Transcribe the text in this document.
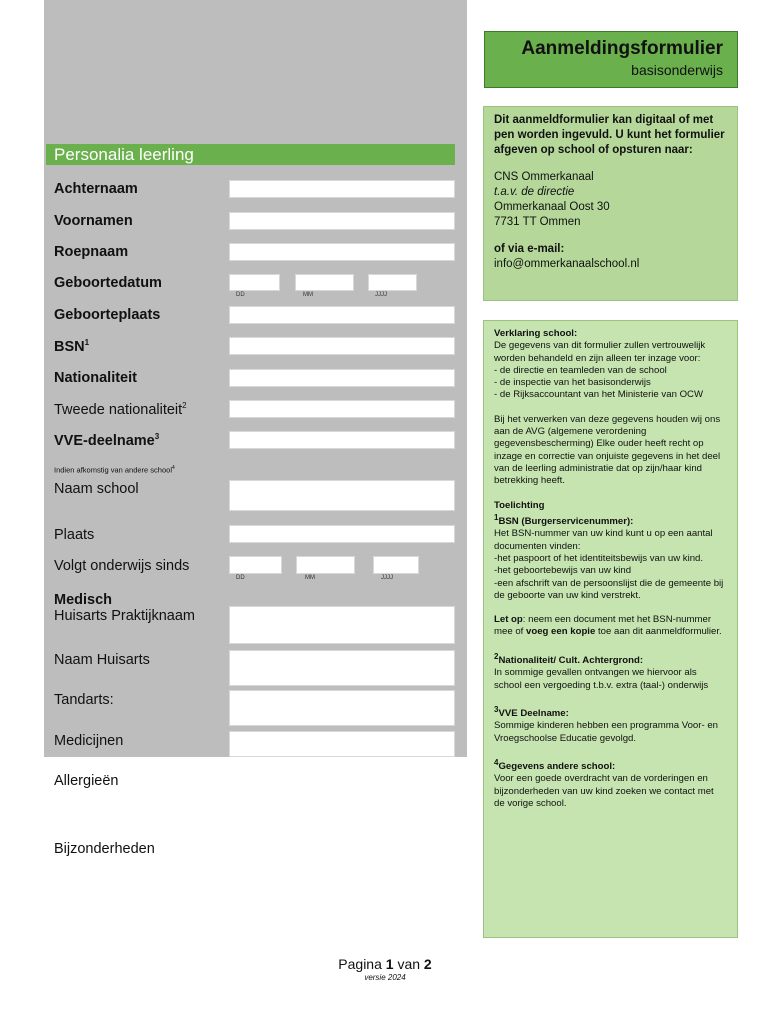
Aanmeldingsformulier
basisonderwijs
Personalia leerling
Achternaam
Voornamen
Roepnaam
Geboortedatum
Geboorteplaats
BSN$^1$
Nationaliteit
Tweede nationaliteit$^2$
VVE-deelname$^3$
Indien afkomstig van andere school$^4$
Naam school
Plaats
Volgt onderwijs sinds
Medisch
Huisarts Praktijknaam
Naam Huisarts
Tandarts:
Medicijnen
Allergieën
Bijzonderheden
DD	MM	JJJJ
DD	MM	JJJJ

Dit aanmeldformulier kan digitaal of met pen worden ingevuld. U kunt het formulier afgeven op school of opsturen naar:

CNS Ommerkanaal

t.a.v. de directie

Ommerkanaal Oost 30

7731 TT Ommen

of via e-mail:

info@ommerkanaalschool.nl

Verklaring school:

De gegevens van dit formulier zullen vertrouwelijk worden behandeld en zijn alleen ter inzage voor:

- de directie en teamleden van de school

- de inspectie van het basisonderwijs

- de Rijksaccountant van het Ministerie van OCW

Bij het verwerken van deze gegevens houden wij ons aan de AVG (algemene verordening gegevensbescherming) Elke ouder heeft recht op inzage en correctie van onjuiste gegevens in het deel van de leerling administratie dat op zijn/haar kind betrekking heeft.

Toelichting

$^1$BSN (Burgerservicenummer):

Het BSN-nummer van uw kind kunt u op een aantal documenten vinden:

-het paspoort of het identiteitsbewijs van uw kind.

-het geboortebewijs van uw kind

-een afschrift van de persoonslijst die de gemeente bij de geboorte van uw kind verstrekt.

Let op: neem een document met het BSN-nummer mee of voeg een kopie toe aan dit aanmeldformulier.

$^2$Nationaliteit/ Cult. Achtergrond:

In sommige gevallen ontvangen we hiervoor als school een vergoeding t.b.v. extra (taal-) onderwijs

$^3$VVE Deelname:

Sommige kinderen hebben een programma Voor- en Vroegschoolse Educatie gevolgd.

$^4$Gegevens andere school:

Voor een goede overdracht van de vorderingen en bijzonderheden van uw kind zoeken we contact met de vorige school.

Pagina 1 van 2
versie 2024
